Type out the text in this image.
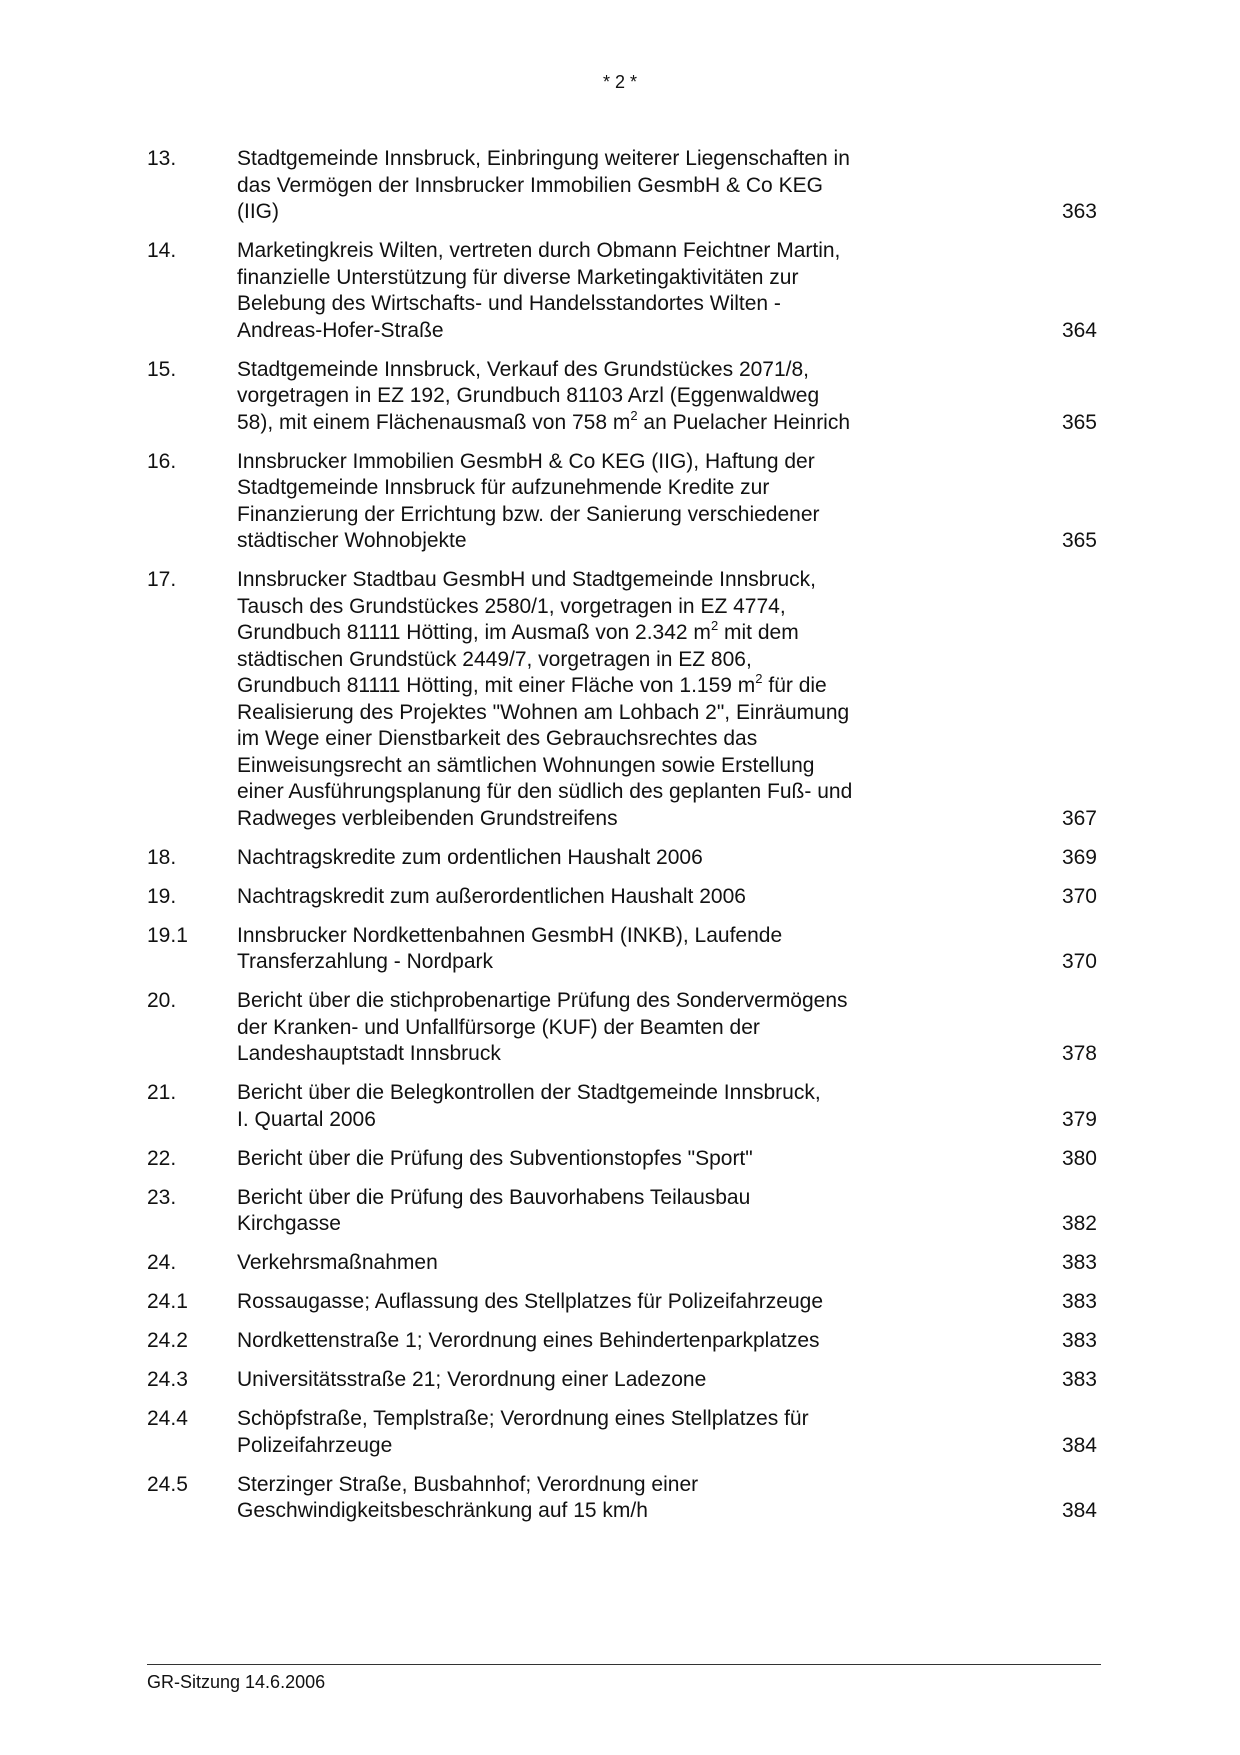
* 2 *
13.	Stadtgemeinde Innsbruck, Einbringung weiterer Liegenschaften in
das Vermögen der Innsbrucker Immobilien GesmbH & Co KEG
(IIG)	363
14.	Marketingkreis Wilten, vertreten durch Obmann Feichtner Martin,
finanzielle Unterstützung für diverse Marketingaktivitäten zur
Belebung des Wirtschafts- und Handelsstandortes Wilten -
Andreas-Hofer-Straße	364
15.	Stadtgemeinde Innsbruck, Verkauf des Grundstückes 2071/8,
vorgetragen in EZ 192, Grundbuch 81103 Arzl (Eggenwaldweg
58), mit einem Flächenausmaß von 758 $m^2$ an Puelacher Heinrich	365
16.	Innsbrucker Immobilien GesmbH & Co KEG (IIG), Haftung der
Stadtgemeinde Innsbruck für aufzunehmende Kredite zur
Finanzierung der Errichtung bzw. der Sanierung verschiedener
städtischer Wohnobjekte	365
17.	Innsbrucker Stadtbau GesmbH und Stadtgemeinde Innsbruck,
Tausch des Grundstückes 2580/1, vorgetragen in EZ 4774,
Grundbuch 81111 Hötting, im Ausmaß von 2.342 $m^2$ mit dem
städtischen Grundstück 2449/7, vorgetragen in EZ 806,
Grundbuch 81111 Hötting, mit einer Fläche von 1.159 $m^2$ für die
Realisierung des Projektes "Wohnen am Lohbach 2", Einräumung
im Wege einer Dienstbarkeit des Gebrauchsrechtes das
Einweisungsrecht an sämtlichen Wohnungen sowie Erstellung
einer Ausführungsplanung für den südlich des geplanten Fuß- und
Radweges verbleibenden Grundstreifens	367
18.	Nachtragskredite zum ordentlichen Haushalt 2006	369
19.	Nachtragskredit zum außerordentlichen Haushalt 2006	370
19.1	Innsbrucker Nordkettenbahnen GesmbH (INKB), Laufende
Transferzahlung - Nordpark	370
20.	Bericht über die stichprobenartige Prüfung des Sondervermögens
der Kranken- und Unfallfürsorge (KUF) der Beamten der
Landeshauptstadt Innsbruck	378
21.	Bericht über die Belegkontrollen der Stadtgemeinde Innsbruck,
I. Quartal 2006	379
22.	Bericht über die Prüfung des Subventionstopfes "Sport"	380
23.	Bericht über die Prüfung des Bauvorhabens Teilausbau
Kirchgasse	382
24.	Verkehrsmaßnahmen	383
24.1	Rossaugasse; Auflassung des Stellplatzes für Polizeifahrzeuge	383
24.2	Nordkettenstraße 1; Verordnung eines Behindertenparkplatzes	383
24.3	Universitätsstraße 21; Verordnung einer Ladezone	383
24.4	Schöpfstraße, Templstraße; Verordnung eines Stellplatzes für
Polizeifahrzeuge	384
24.5	Sterzinger Straße, Busbahnhof; Verordnung einer
Geschwindigkeitsbeschränkung auf 15 km/h	384
GR-Sitzung 14.6.2006
